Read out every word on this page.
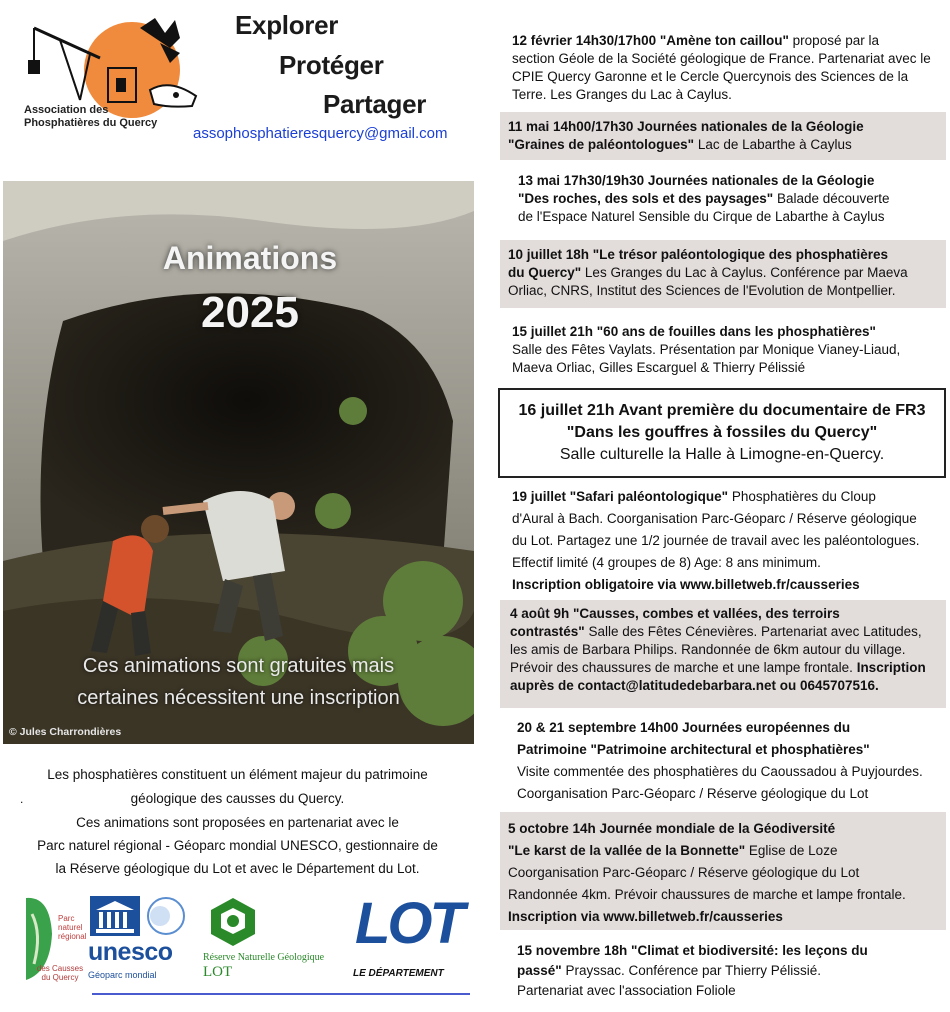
Association des
Phosphatières du Quercy
Explorer
Protéger
Partager
assophosphatieresquercy@gmail.com
Animations
2025
Ces animations sont gratuites mais
certaines nécessitent une inscription
© Jules Charrondières
Les phosphatières constituent un élément majeur du patrimoine
géologique des causses du Quercy.
Ces animations sont proposées en partenariat avec le
Parc naturel régional - Géoparc mondial UNESCO, gestionnaire de
la Réserve géologique du Lot et avec le Département du Lot.
.
Parc
naturel
régional
des Causses
du Quercy
unesco
Géoparc mondial
Réserve Naturelle Géologique
LOT
LOT
LE DÉPARTEMENT
12 février 14h30/17h00 "Amène ton caillou" proposé par la
section Géole de la Société géologique de France. Partenariat avec le
CPIE Quercy Garonne et le Cercle Quercynois des Sciences de la
Terre. Les Granges du Lac à Caylus.
11 mai 14h00/17h30 Journées nationales de la Géologie
"Graines de paléontologues" Lac de Labarthe à Caylus
13 mai 17h30/19h30 Journées nationales de la Géologie
"Des roches, des sols et des paysages" Balade découverte
de l'Espace Naturel Sensible du Cirque de Labarthe à Caylus
10 juillet 18h "Le trésor paléontologique des phosphatières
du Quercy" Les Granges du Lac à Caylus. Conférence par Maeva
Orliac, CNRS, Institut des Sciences de l'Evolution de Montpellier.
15 juillet 21h "60 ans de fouilles dans les phosphatières"
Salle des Fêtes Vaylats. Présentation par Monique Vianey-Liaud,
Maeva Orliac, Gilles Escarguel & Thierry Pélissié
16 juillet 21h Avant première du documentaire de FR3
"Dans les gouffres à fossiles du Quercy"
Salle culturelle la Halle à Limogne-en-Quercy.
19 juillet "Safari paléontologique" Phosphatières du Cloup
d'Aural à Bach. Coorganisation Parc-Géoparc / Réserve géologique
du Lot. Partagez une 1/2 journée de travail avec les paléontologues.
Effectif limité (4 groupes de 8) Age: 8 ans minimum.
Inscription obligatoire via www.billetweb.fr/causseries
4 août 9h "Causses, combes et vallées, des terroirs
contrastés" Salle des Fêtes Cénevières. Partenariat avec Latitudes,
les amis de Barbara Philips. Randonnée de 6km autour du village.
Prévoir des chaussures de marche et une lampe frontale. Inscription
auprès de contact@latitudedebarbara.net ou 0645707516.
20 & 21 septembre 14h00 Journées européennes du
Patrimoine "Patrimoine architectural et phosphatières"
Visite commentée des phosphatières du Caoussadou à Puyjourdes.
Coorganisation Parc-Géoparc / Réserve géologique du Lot
5 octobre 14h Journée mondiale de la Géodiversité
"Le karst de la vallée de la Bonnette" Eglise de Loze
Coorganisation Parc-Géoparc / Réserve géologique du Lot
Randonnée 4km. Prévoir chaussures de marche et lampe frontale.
Inscription via www.billetweb.fr/causseries
15 novembre 18h "Climat et biodiversité: les leçons du
passé" Prayssac. Conférence par Thierry Pélissié.
Partenariat avec l'association Foliole
